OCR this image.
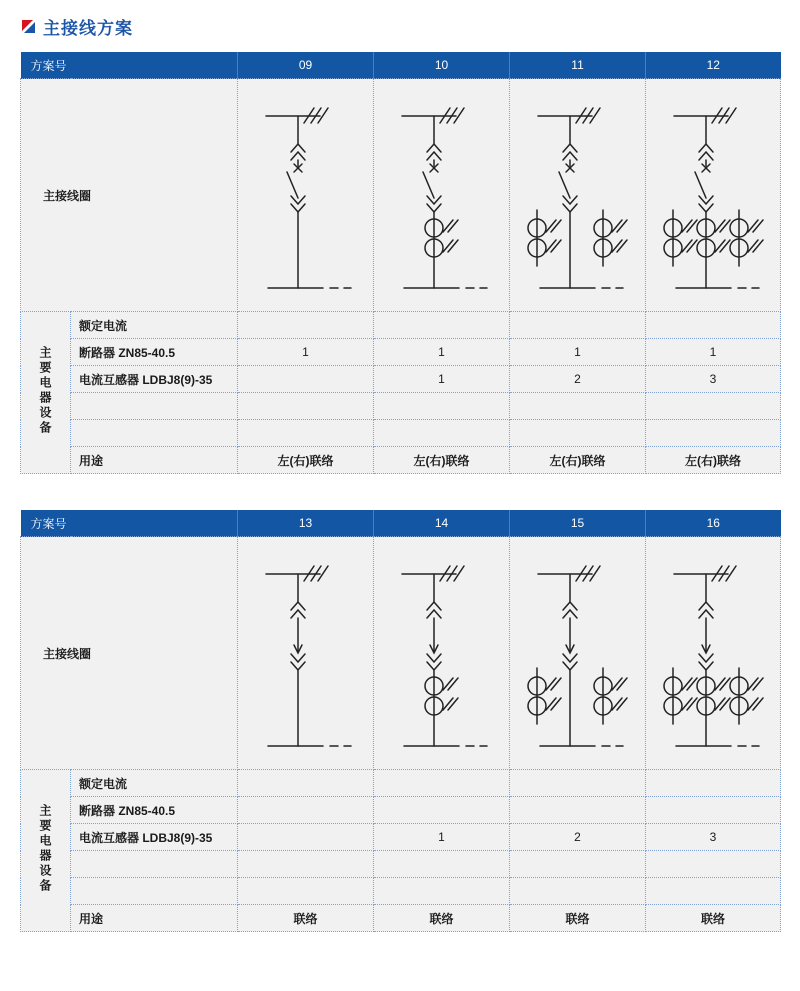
主接线方案
方案号		09	10	11	12
主接线圈	

主要电器设备	额定电流				
	断路器 ZN85-40.5	1	1	1	1
	电流互感器 LDBJ8(9)-35		1	2	3

	用途	左(右)联络	左(右)联络	左(右)联络	左(右)联络
方案号		13	14	15	16
主接线圈	

主要电器设备	额定电流				
	断路器 ZN85-40.5				
	电流互感器 LDBJ8(9)-35		1	2	3

	用途	联络	联络	联络	联络
